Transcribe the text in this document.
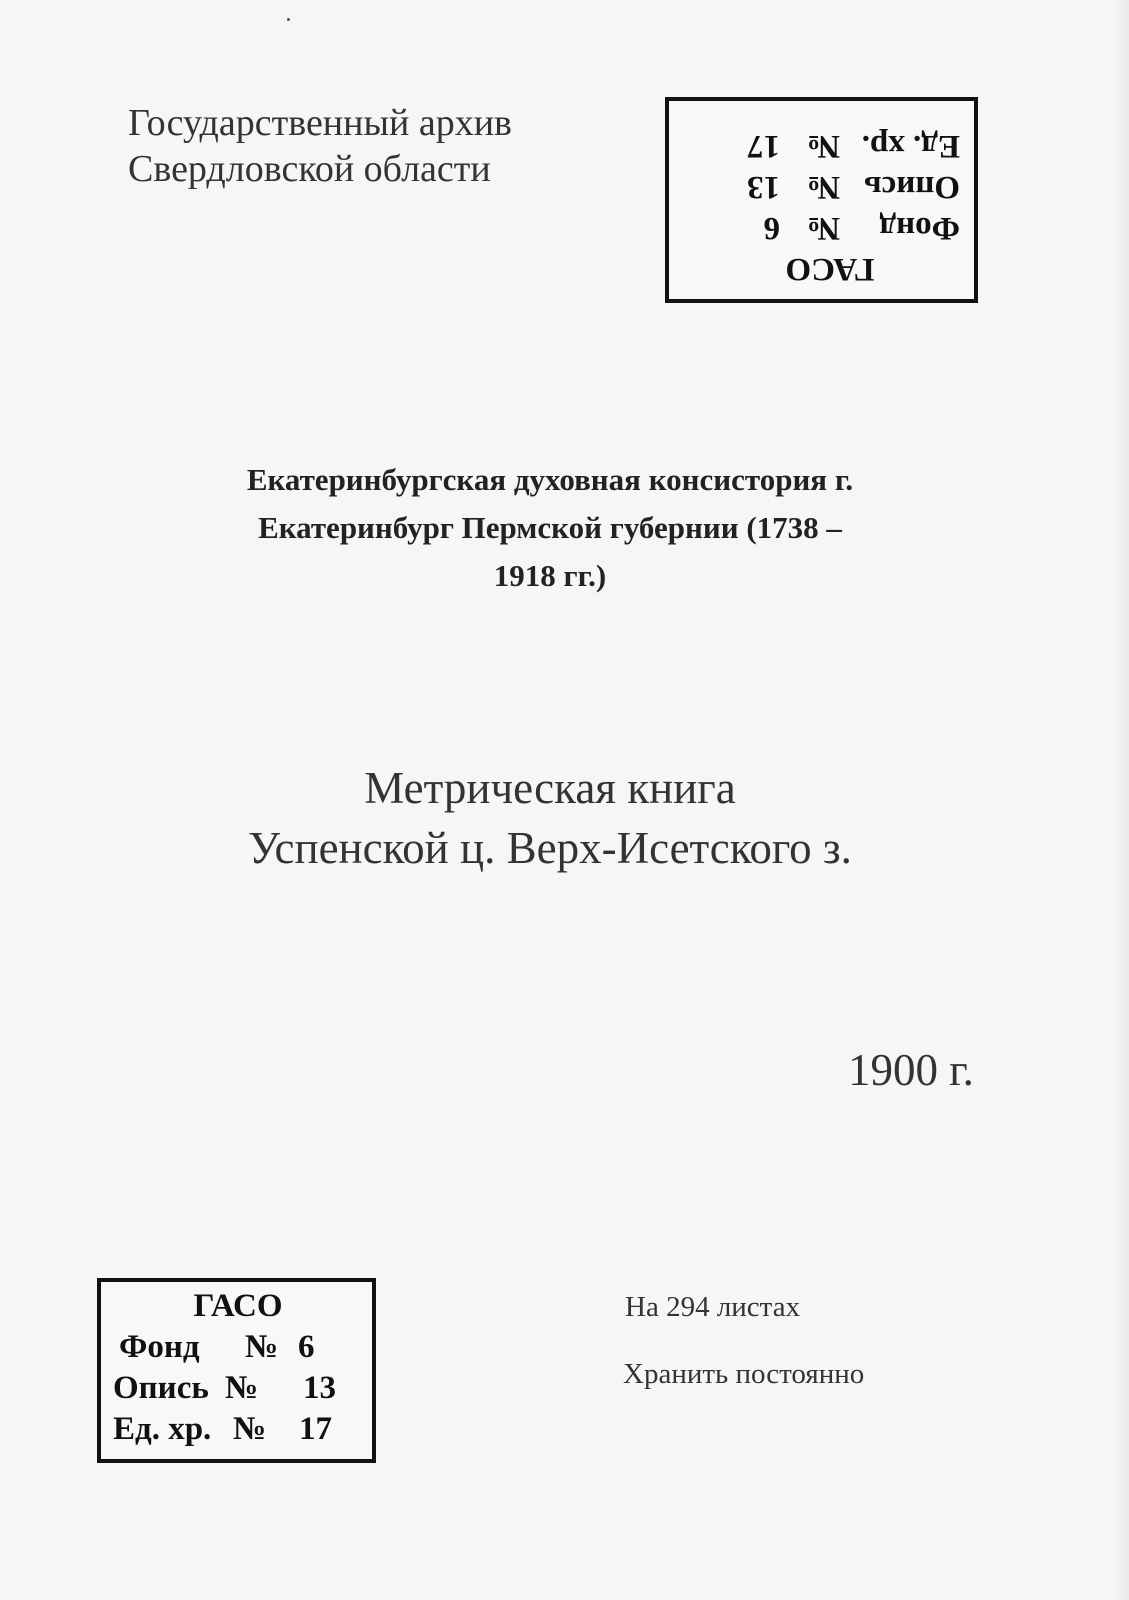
Государственный архив
Свердловской области
ГАСО
Фонд
№
6
Опись
№
13
Ед. хр.
№
17
Екатеринбургская духовная консистория г.
Екатеринбург Пермской губернии (1738 –
1918 гг.)
Метрическая книга
Успенской ц. Верх-Исетского з.
1900 г.
ГАСО
Фонд № 6
Опись № 13
Ед. хр. № 17
На 294 листах
Хранить постоянно
